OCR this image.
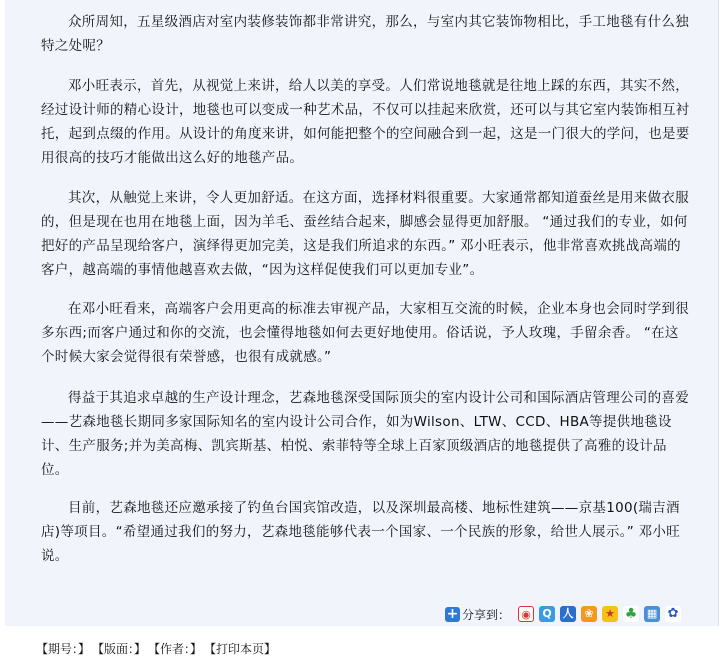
众所周知，五星级酒店对室内装修装饰都非常讲究，那么，与室内其它装饰物相比，手工地毯有什么独特之处呢？

邓小旺表示，首先，从视觉上来讲，给人以美的享受。人们常说地毯就是往地上踩的东西，其实不然，经过设计师的精心设计，地毯也可以变成一种艺术品，不仅可以挂起来欣赏，还可以与其它室内装饰相互衬托，起到点缀的作用。从设计的角度来讲，如何能把整个的空间融合到一起，这是一门很大的学问，也是要用很高的技巧才能做出这么好的地毯产品。

其次，从触觉上来讲，令人更加舒适。在这方面，选择材料很重要。大家通常都知道蚕丝是用来做衣服的，但是现在也用在地毯上面，因为羊毛、蚕丝结合起来，脚感会显得更加舒服。 “通过我们的专业，如何把好的产品呈现给客户，演绎得更加完美，这是我们所追求的东西。” 邓小旺表示，他非常喜欢挑战高端的客户，越高端的事情他越喜欢去做，“因为这样促使我们可以更加专业”。

在邓小旺看来，高端客户会用更高的标准去审视产品，大家相互交流的时候，企业本身也会同时学到很多东西;而客户通过和你的交流，也会懂得地毯如何去更好地使用。俗话说，予人玫瑰，手留余香。 “在这个时候大家会觉得很有荣誉感，也很有成就感。”

得益于其追求卓越的生产设计理念，艺森地毯深受国际顶尖的室内设计公司和国际酒店管理公司的喜爱——艺森地毯长期同多家国际知名的室内设计公司合作，如为Wilson、LTW、CCD、HBA等提供地毯设计、生产服务;并为美高梅、凯宾斯基、柏悦、索菲特等全球上百家顶级酒店的地毯提供了高雅的设计品位。

目前，艺森地毯还应邀承接了钓鱼台国宾馆改造，以及深圳最高楼、地标性建筑——京基100(瑞吉酒店)等项目。“希望通过我们的努力，艺森地毯能够代表一个国家、一个民族的形象，给世人展示。” 邓小旺说。

+ 分享到： ◉	Q 人 ❀	★ ♣ ▦ ✿
【期号：】 【版面：】 【作者：】 【打印本页】
